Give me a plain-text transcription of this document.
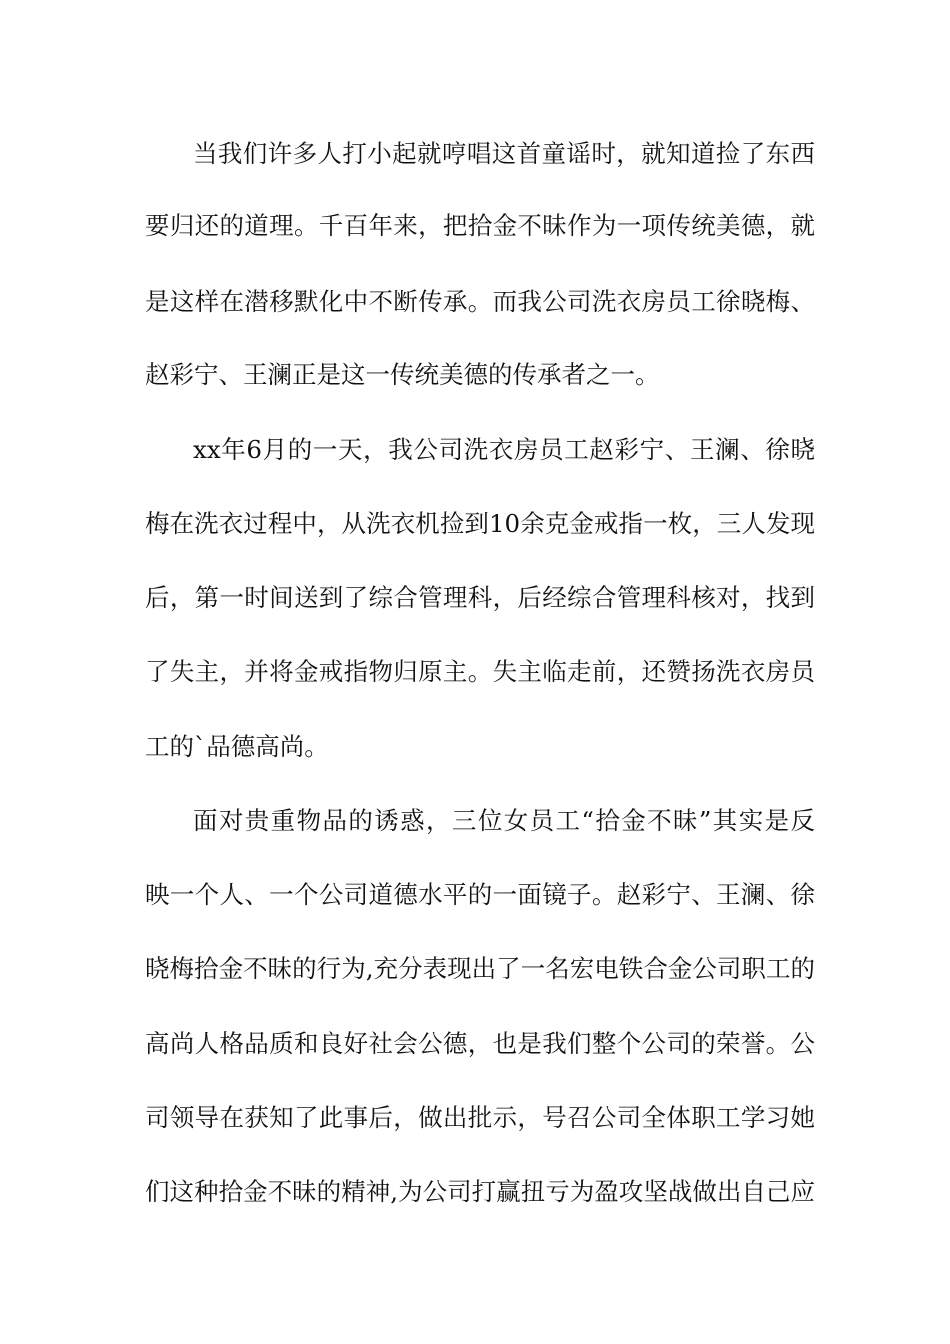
当我们许多人打小起就哼唱这首童谣时，就知道捡了东西
要归还的道理。千百年来，把拾金不昧作为一项传统美德，就
是这样在潜移默化中不断传承。而我公司洗衣房员工徐晓梅、
赵彩宁、王澜正是这一传统美德的传承者之一。
xx年6月的一天，我公司洗衣房员工赵彩宁、王澜、徐晓
梅在洗衣过程中，从洗衣机捡到10余克金戒指一枚，三人发现
后，第一时间送到了综合管理科，后经综合管理科核对，找到
了失主，并将金戒指物归原主。失主临走前，还赞扬洗衣房员
工的`品德高尚。
面对贵重物品的诱惑，三位女员工“拾金不昧”其实是反
映一个人、一个公司道德水平的一面镜子。赵彩宁、王澜、徐
晓梅拾金不昧的行为,充分表现出了一名宏电铁合金公司职工的
高尚人格品质和良好社会公德，也是我们整个公司的荣誉。公
司领导在获知了此事后，做出批示，号召公司全体职工学习她
们这种拾金不昧的精神,为公司打赢扭亏为盈攻坚战做出自己应
